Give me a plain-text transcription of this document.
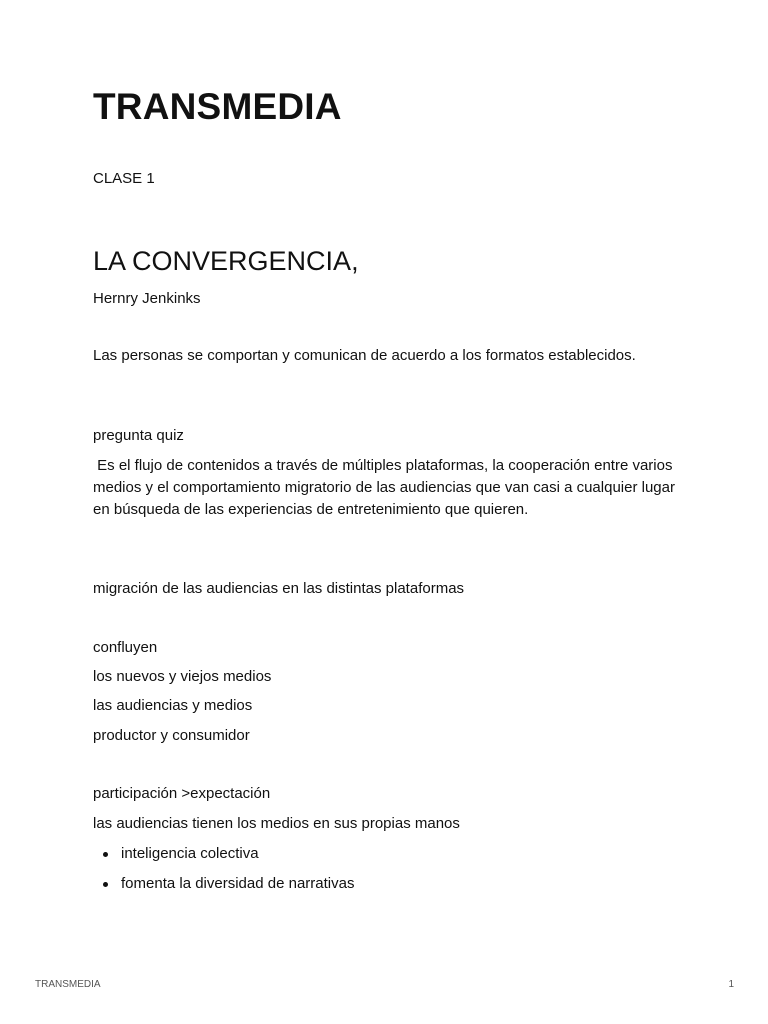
TRANSMEDIA
CLASE 1
LA CONVERGENCIA,

Hernry Jenkinks

Las personas se comportan y comunican de acuerdo a los formatos establecidos.

pregunta quiz

Es el flujo de contenidos a través de múltiples plataformas, la cooperación entre varios medios y el comportamiento migratorio de las audiencias que van casi a cualquier lugar en búsqueda de las experiencias de entretenimiento que quieren.

migración de las audiencias en las distintas plataformas

confluyen

los nuevos y viejos medios

las audiencias y medios

productor y consumidor

participación >expectación

las audiencias tienen los medios en sus propias manos

inteligencia colectiva
fomenta la diversidad de narrativas
TRANSMEDIA	1
